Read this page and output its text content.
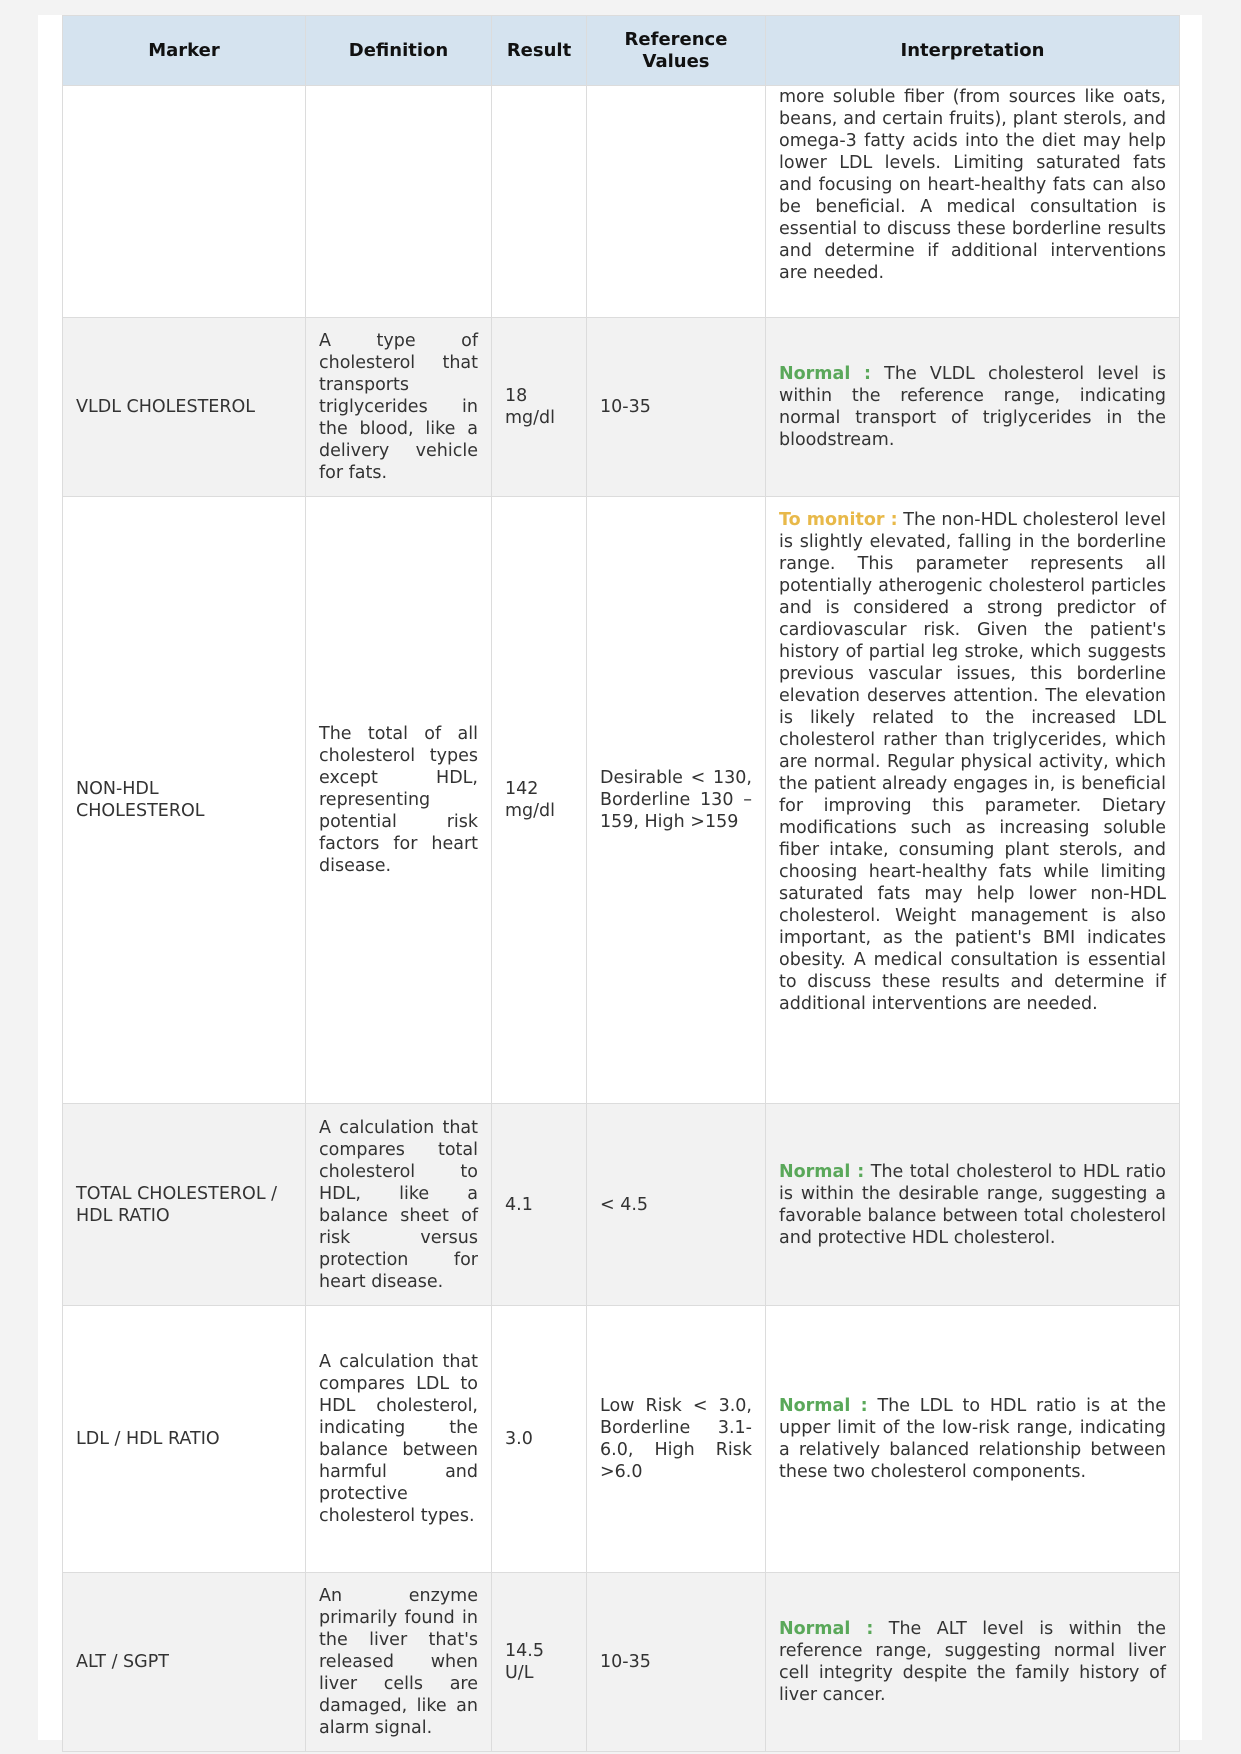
Marker	Definition	Result	Reference Values	Interpretation
				more soluble fiber (from sources like oats, beans, and certain fruits), plant sterols, and omega-3 fatty acids into the diet may help lower LDL levels. Limiting saturated fats and focusing on heart-healthy fats can also be beneficial. A medical consultation is essential to discuss these borderline results and determine if additional interventions are needed.
VLDL CHOLESTEROL	A type of cholesterol that transports triglycerides in the blood, like a delivery vehicle for fats.	18 mg/dl	10-35	Normal : The VLDL cholesterol level is within the reference range, indicating normal transport of triglycerides in the bloodstream.
NON-HDL CHOLESTEROL	The total of all cholesterol types except HDL, representing potential risk factors for heart disease.	142 mg/dl	Desirable < 130, Borderline 130 – 159, High >159	To monitor : The non-HDL cholesterol level is slightly elevated, falling in the borderline range. This parameter represents all potentially atherogenic cholesterol particles and is considered a strong predictor of cardiovascular risk. Given the patient's history of partial leg stroke, which suggests previous vascular issues, this borderline elevation deserves attention. The elevation is likely related to the increased LDL cholesterol rather than triglycerides, which are normal. Regular physical activity, which the patient already engages in, is beneficial for improving this parameter. Dietary modifications such as increasing soluble fiber intake, consuming plant sterols, and choosing heart-healthy fats while limiting saturated fats may help lower non-HDL cholesterol. Weight management is also important, as the patient's BMI indicates obesity. A medical consultation is essential to discuss these results and determine if additional interventions are needed.
TOTAL CHOLESTEROL / HDL RATIO	A calculation that compares total cholesterol to HDL, like a balance sheet of risk versus protection for heart disease.	4.1	< 4.5	Normal : The total cholesterol to HDL ratio is within the desirable range, suggesting a favorable balance between total cholesterol and protective HDL cholesterol.
LDL / HDL RATIO	A calculation that compares LDL to HDL cholesterol, indicating the balance between harmful and protective cholesterol types.	3.0	Low Risk < 3.0, Borderline 3.1-6.0, High Risk >6.0	Normal : The LDL to HDL ratio is at the upper limit of the low-risk range, indicating a relatively balanced relationship between these two cholesterol components.
ALT / SGPT	An enzyme primarily found in the liver that's released when liver cells are damaged, like an alarm signal.	14.5 U/L	10-35	Normal : The ALT level is within the reference range, suggesting normal liver cell integrity despite the family history of liver cancer.
